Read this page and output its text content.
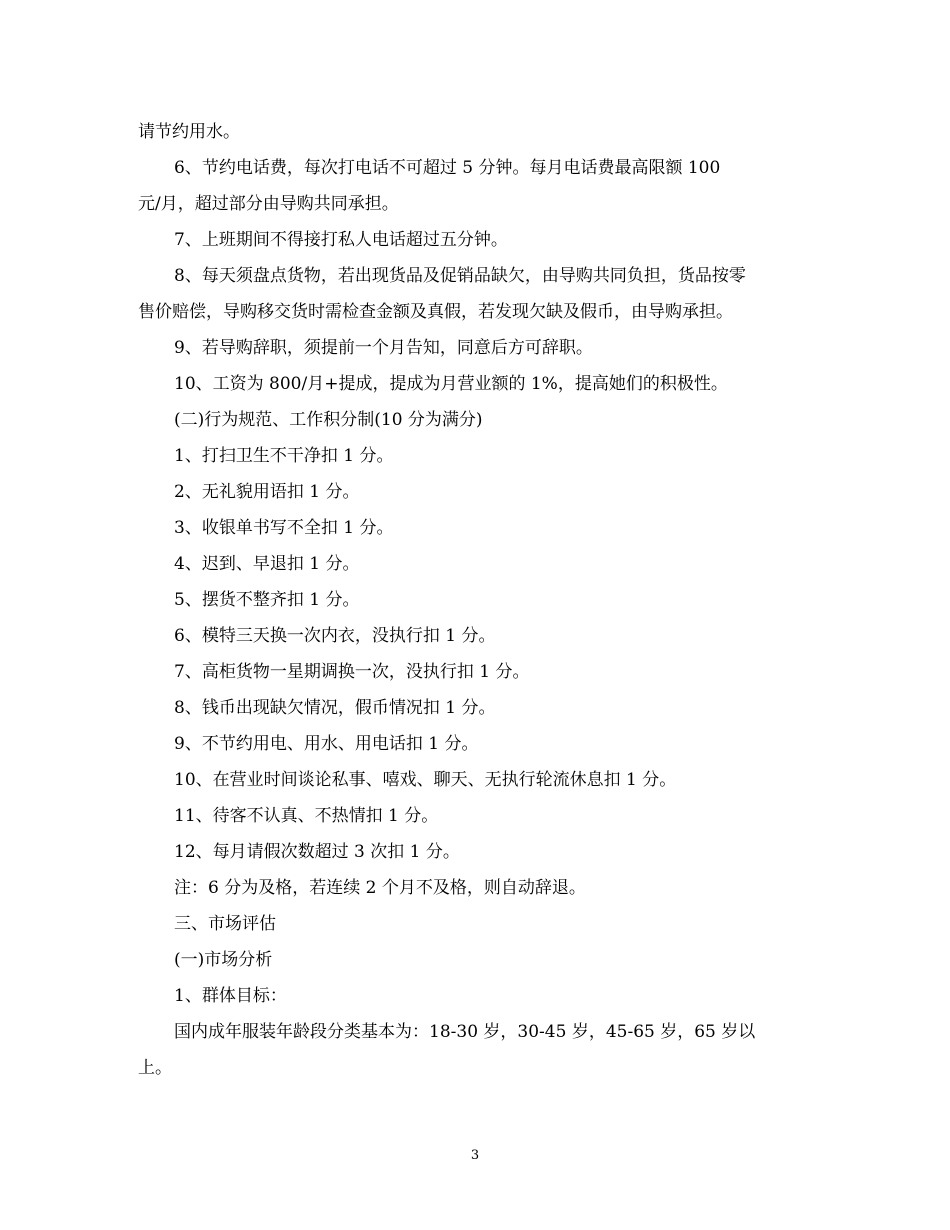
请节约用水。

6、节约电话费，每次打电话不可超过 5 分钟。每月电话费最高限额 100

元/月，超过部分由导购共同承担。

7、上班期间不得接打私人电话超过五分钟。

8、每天须盘点货物，若出现货品及促销品缺欠，由导购共同负担，货品按零

售价赔偿，导购移交货时需检查金额及真假，若发现欠缺及假币，由导购承担。

9、若导购辞职，须提前一个月告知，同意后方可辞职。

10、工资为 800/月+提成，提成为月营业额的 1%，提高她们的积极性。

(二)行为规范、工作积分制(10 分为满分)

1、打扫卫生不干净扣 1 分。

2、无礼貌用语扣 1 分。

3、收银单书写不全扣 1 分。

4、迟到、早退扣 1 分。

5、摆货不整齐扣 1 分。

6、模特三天换一次内衣，没执行扣 1 分。

7、高柜货物一星期调换一次，没执行扣 1 分。

8、钱币出现缺欠情况，假币情况扣 1 分。

9、不节约用电、用水、用电话扣 1 分。

10、在营业时间谈论私事、嘻戏、聊天、无执行轮流休息扣 1 分。

11、待客不认真、不热情扣 1 分。

12、每月请假次数超过 3 次扣 1 分。

注：6 分为及格，若连续 2 个月不及格，则自动辞退。

三、市场评估

(一)市场分析

1、群体目标：

国内成年服装年龄段分类基本为：18-30 岁，30-45 岁，45-65 岁，65 岁以

上。

3
